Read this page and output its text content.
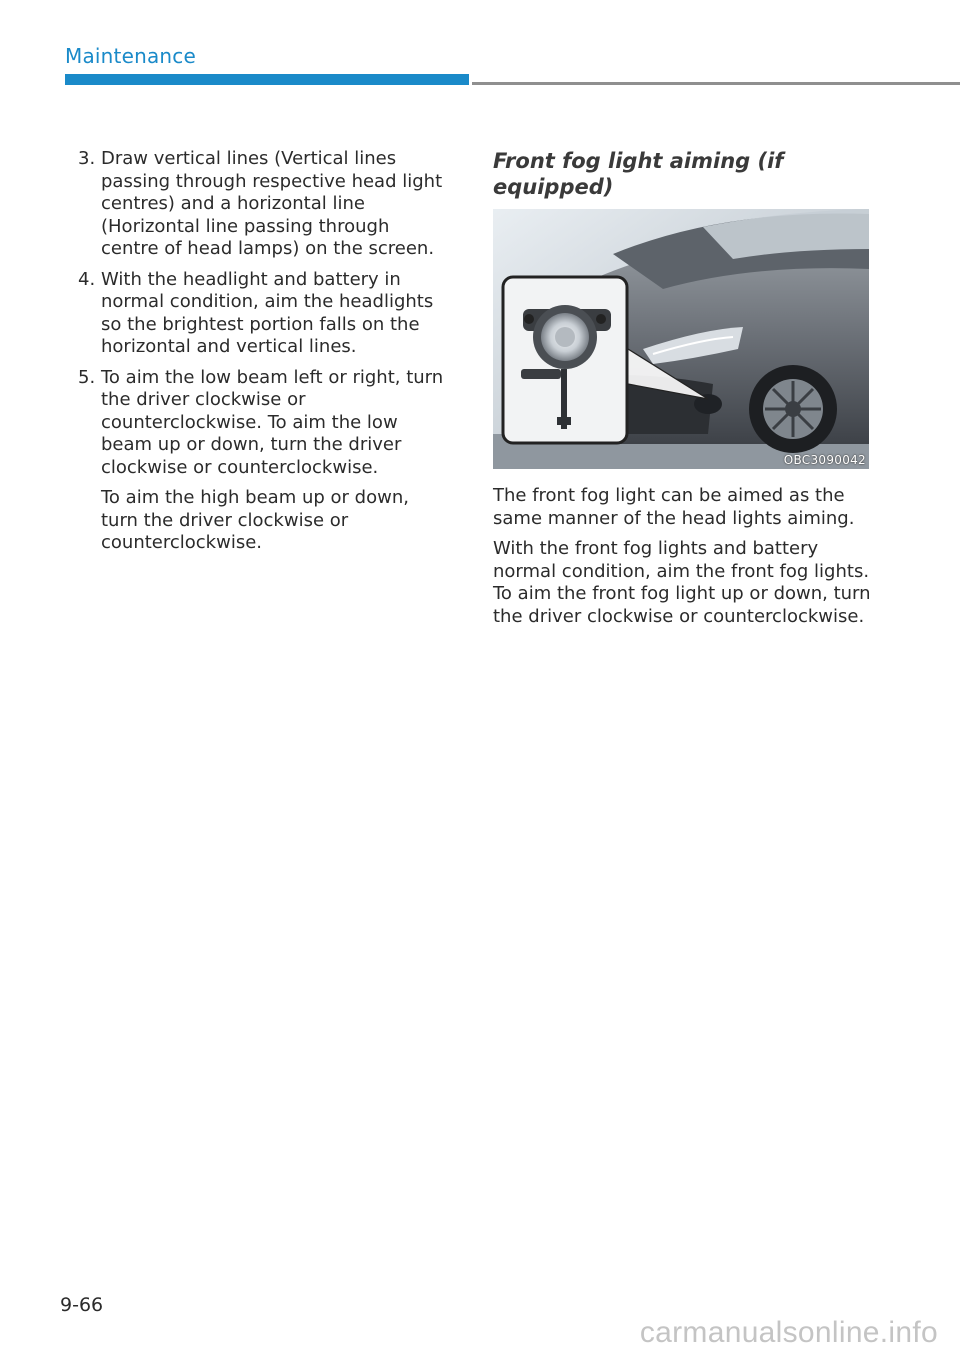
Maintenance
3. Draw vertical lines (Vertical lines passing through respective head light centres) and a horizontal line (Horizontal line passing through centre of head lamps) on the screen.
4. With the headlight and battery in normal condition, aim the headlights so the brightest portion falls on the horizontal and vertical lines.
5. To aim the low beam left or right, turn the driver clockwise or counterclockwise. To aim the low beam up or down, turn the driver clockwise or counterclockwise.
To aim the high beam up or down, turn the driver clockwise or counterclockwise.
Front fog light aiming (if equipped)
OBC3090042
The front fog light can be aimed as the same manner of the head lights aiming.
With the front fog lights and battery normal condition, aim the front fog lights. To aim the front fog light up or down, turn the driver clockwise or counterclockwise.
9-66
carmanualsonline.info
